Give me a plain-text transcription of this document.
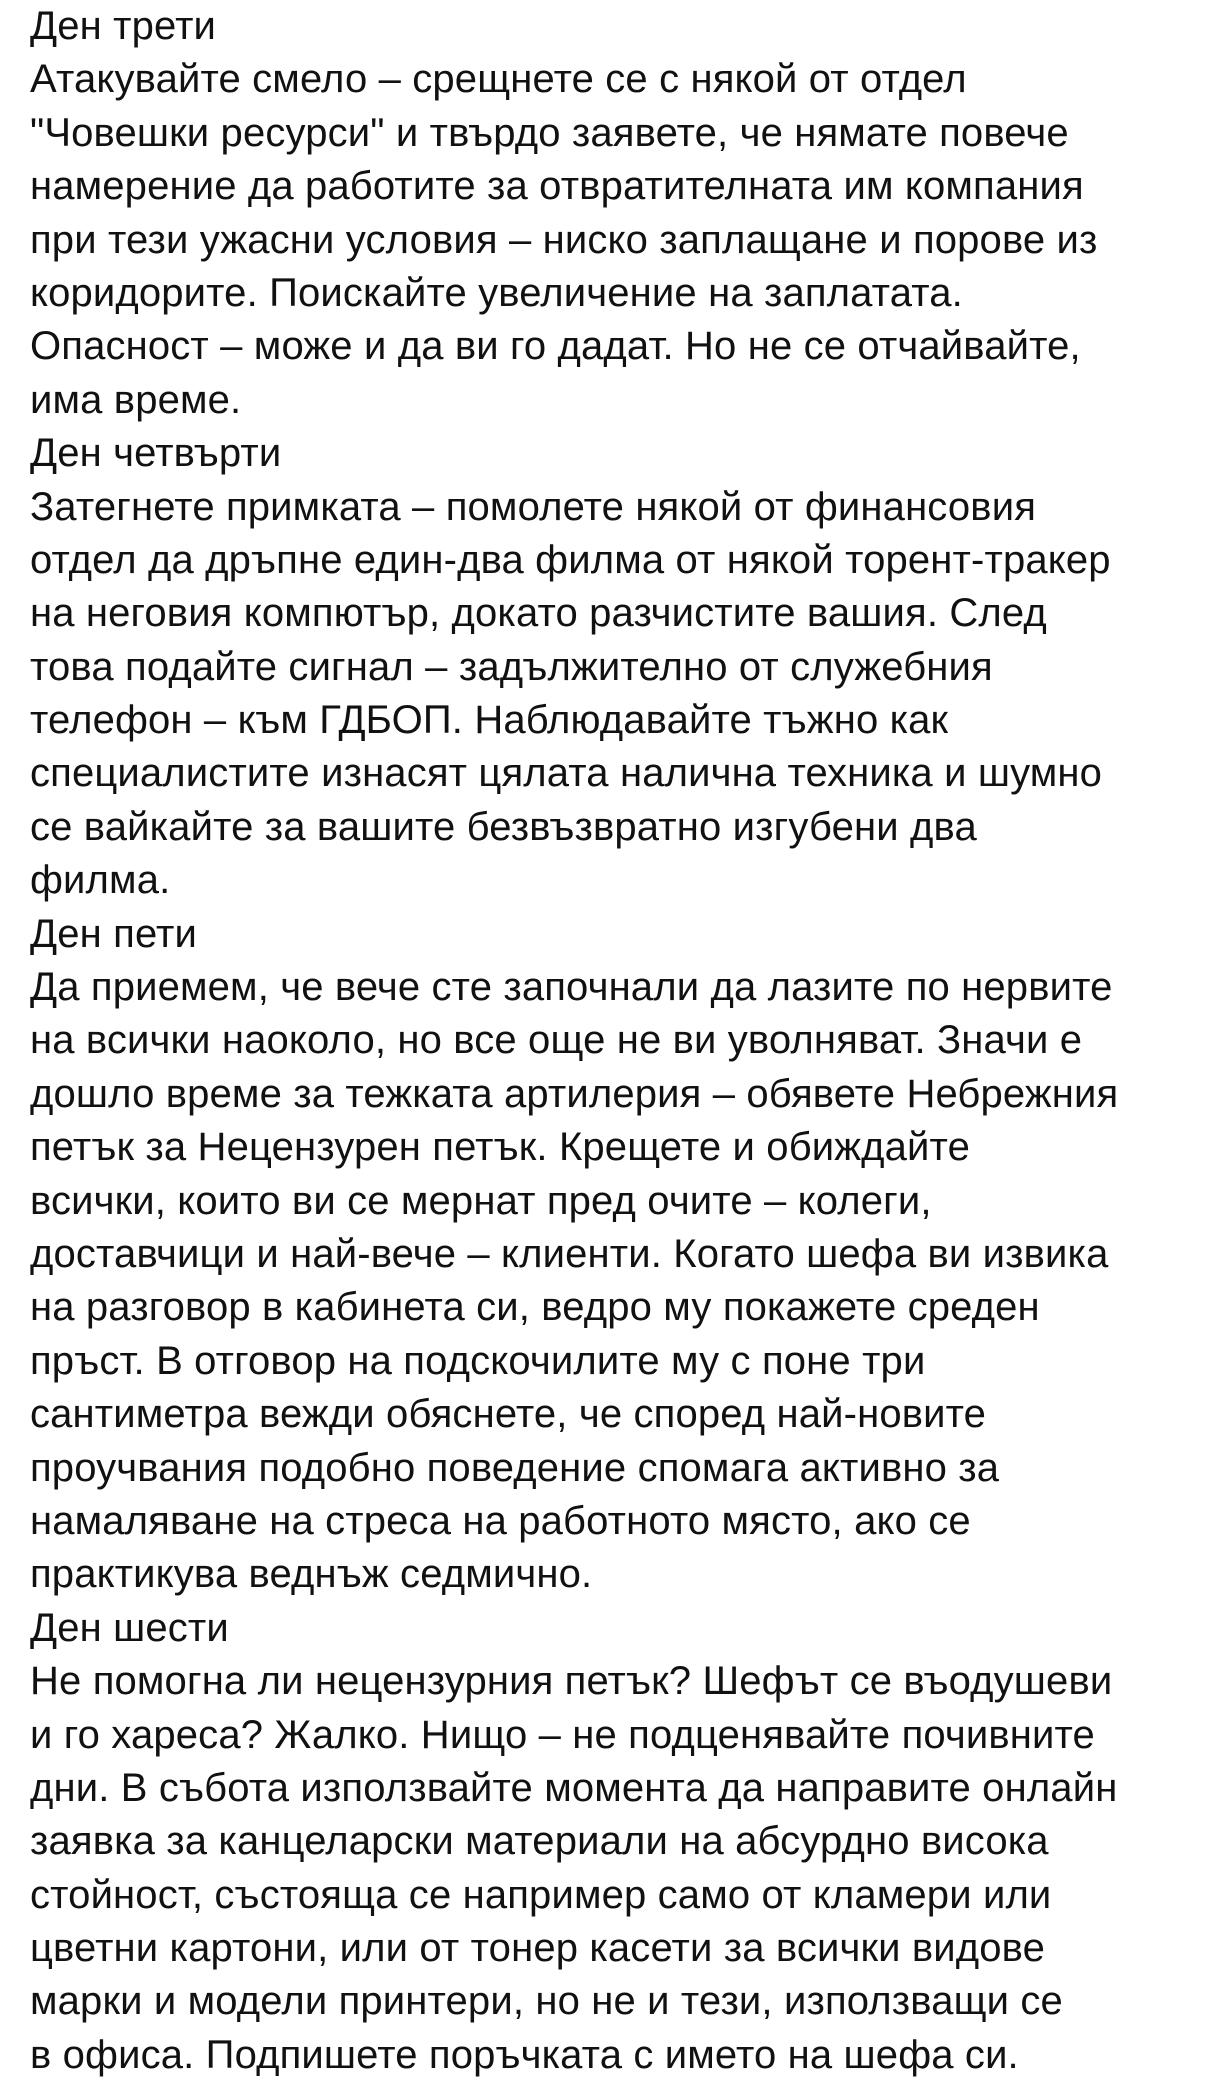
Ден трети
Атакувайте смело – срещнете се с някой от отдел
"Човешки ресурси" и твърдо заявете, че нямате повече
намерение да работите за отвратителната им компания
при тези ужасни условия – ниско заплащане и порове из
коридорите. Поискайте увеличение на заплатата.
Опасност – може и да ви го дадат. Но не се отчайвайте,
има време.
Ден четвърти
Затегнете примката – помолете някой от финансовия
отдел да дръпне един-два филма от някой торент-тракер
на неговия компютър, докато разчистите вашия. След
това подайте сигнал – задължително от служебния
телефон – към ГДБОП. Наблюдавайте тъжно как
специалистите изнасят цялата налична техника и шумно
се вайкайте за вашите безвъзвратно изгубени два
филма.
Ден пети
Да приемем, че вече сте започнали да лазите по нервите
на всички наоколо, но все още не ви уволняват. Значи е
дошло време за тежката артилерия – обявете Небрежния
петък за Нецензурен петък. Крещете и обиждайте
всички, които ви се мернат пред очите – колеги,
доставчици и най-вече – клиенти. Когато шефа ви извика
на разговор в кабинета си, ведро му покажете среден
пръст. В отговор на подскочилите му с поне три
сантиметра вежди обяснете, че според най-новите
проучвания подобно поведение спомага активно за
намаляване на стреса на работното място, ако се
практикува веднъж седмично.
Ден шести
Не помогна ли нецензурния петък? Шефът се въодушеви
и го хареса? Жалко. Нищо – не подценявайте почивните
дни. В събота използвайте момента да направите онлайн
заявка за канцеларски материали на абсурдно висока
стойност, състояща се например само от кламери или
цветни картони, или от тонер касети за всички видове
марки и модели принтери, но не и тези, използващи се
в офиса. Подпишете поръчката с името на шефа си.
